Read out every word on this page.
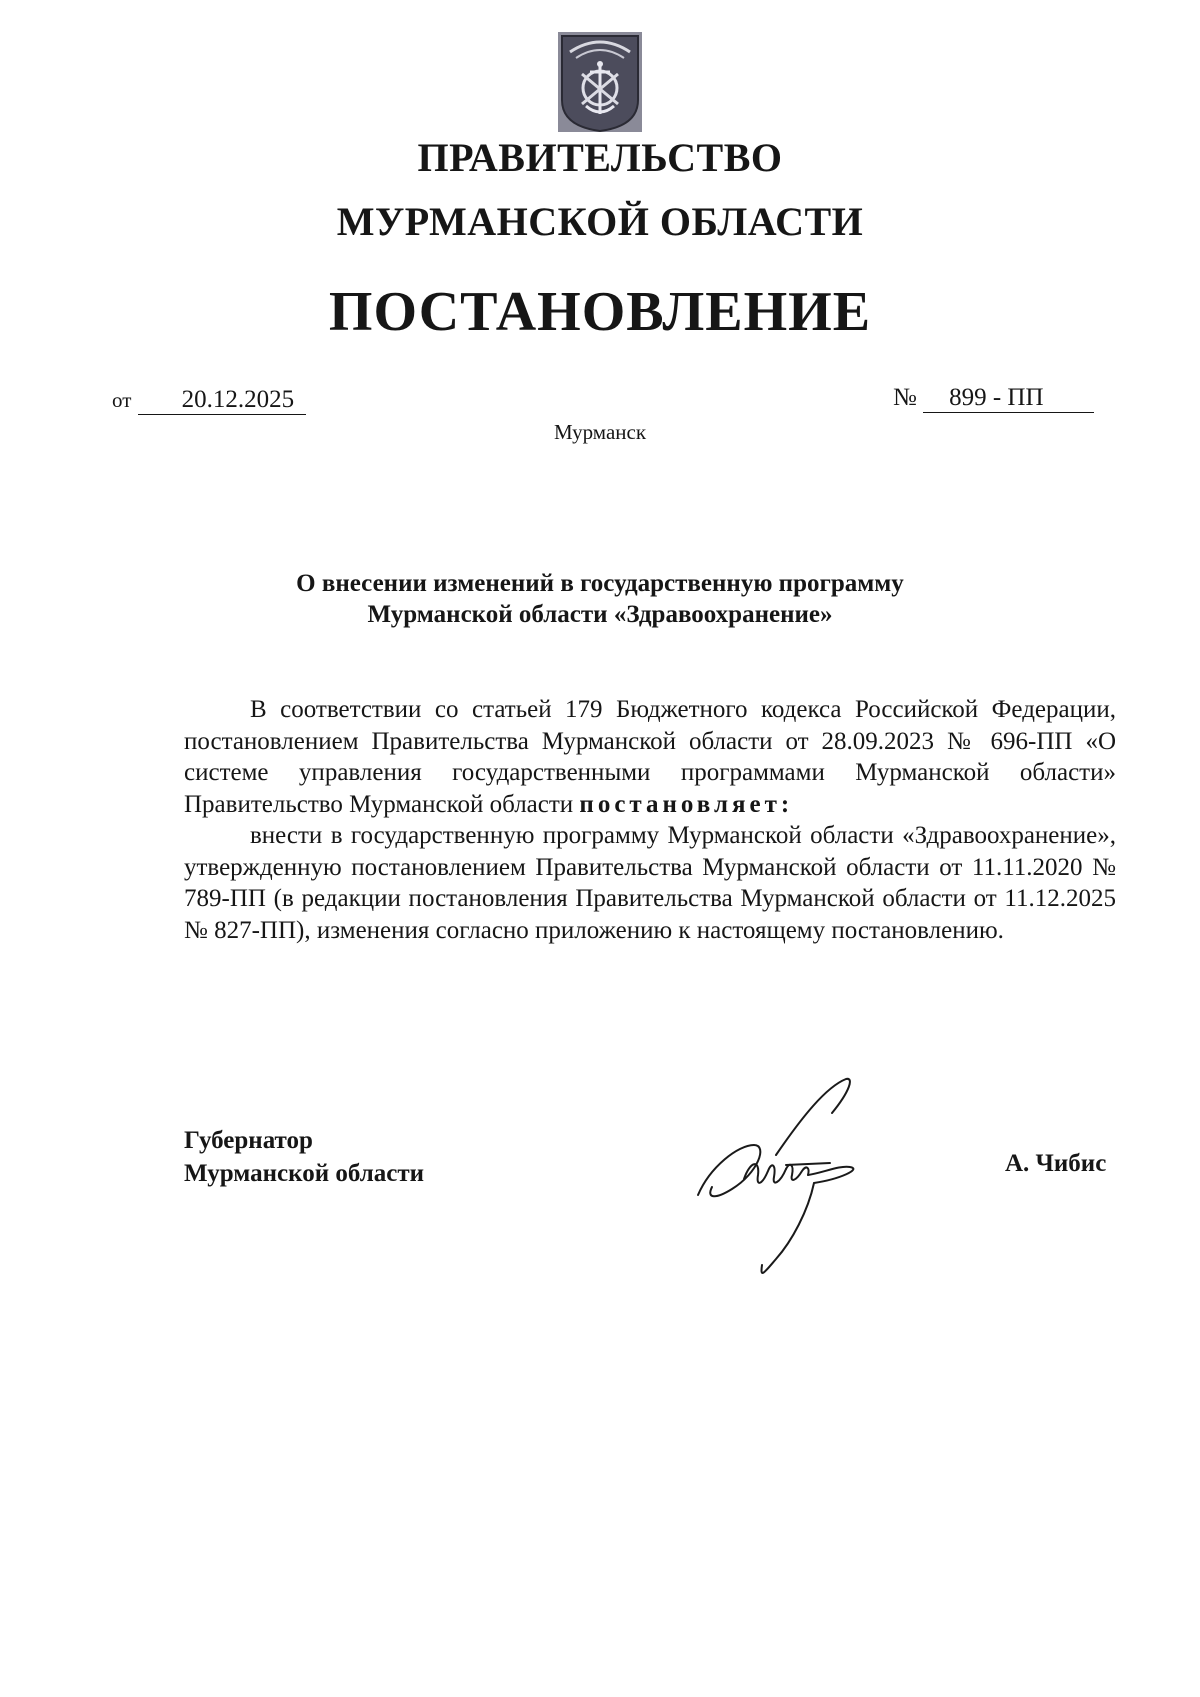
ПРАВИТЕЛЬСТВО
МУРМАНСКОЙ ОБЛАСТИ
ПОСТАНОВЛЕНИЕ
от 20.12.2025	№ 899 - ПП
Мурманск
О внесении изменений в государственную программу
Мурманской области «Здравоохранение»

В соответствии со статьей 179 Бюджетного кодекса Российской Федерации, постановлением Правительства Мурманской области от 28.09.2023 № 696-ПП «О системе управления государственными программами Мурманской области» Правительство Мурманской области постановляет:

внести в государственную программу Мурманской области «Здравоохранение», утвержденную постановлением Правительства Мурманской области от 11.11.2020 № 789-ПП (в редакции постановления Правительства Мурманской области от 11.12.2025 № 827-ПП), изменения согласно приложению к настоящему постановлению.

Губернатор
Мурманской области	А. Чибис
